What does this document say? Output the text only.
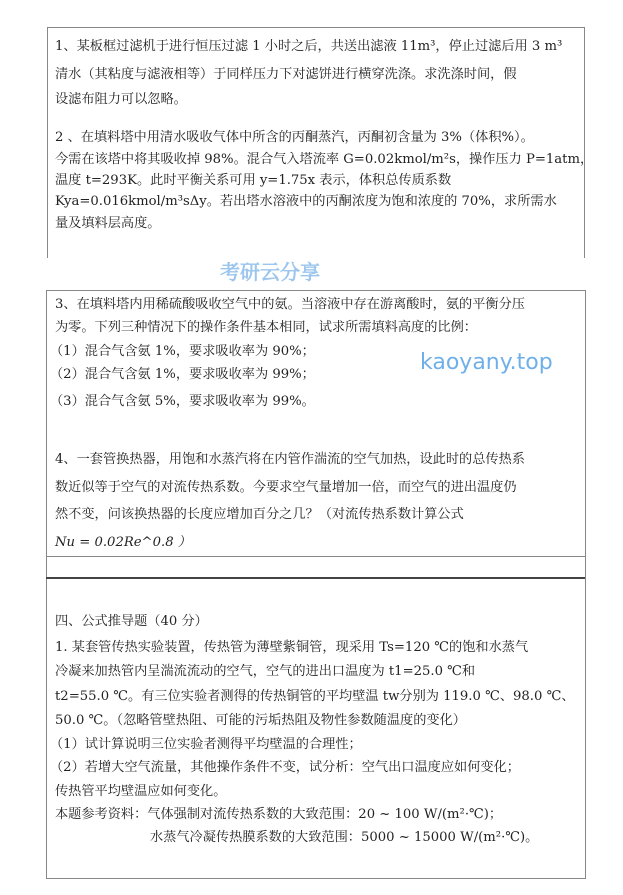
1、某板框过滤机于进行恒压过滤 1 小时之后，共送出滤液 11m³，停止过滤后用 3 m³
清水（其粘度与滤液相等）于同样压力下对滤饼进行横穿洗涤。求洗涤时间，假
设滤布阻力可以忽略。
2 、在填料塔中用清水吸收气体中所含的丙酮蒸汽，丙酮初含量为 3%（体积%）。
今需在该塔中将其吸收掉 98%。混合气入塔流率 G=0.02kmol/m²s，操作压力 P=1atm，
温度 t=293K。此时平衡关系可用 y=1.75x 表示，体积总传质系数
Kya=0.016kmol/m³sΔy。若出塔水溶液中的丙酮浓度为饱和浓度的 70%，求所需水
量及填料层高度。
3、在填料塔内用稀硫酸吸收空气中的氨。当溶液中存在游离酸时，氨的平衡分压
为零。下列三种情况下的操作条件基本相同，试求所需填料高度的比例：
（1）混合气含氨 1%，要求吸收率为 90%；
（2）混合气含氨 1%，要求吸收率为 99%；
（3）混合气含氨 5%，要求吸收率为 99%。
4、一套管换热器，用饱和水蒸汽将在内管作湍流的空气加热，设此时的总传热系
数近似等于空气的对流传热系数。今要求空气量增加一倍，而空气的进出温度仍
然不变，问该换热器的长度应增加百分之几？（对流传热系数计算公式
Nu = 0.02Re^0.8 ）
四、公式推导题（40 分）
1. 某套管传热实验装置，传热管为薄壁紫铜管，现采用 Ts=120 ℃的饱和水蒸气
冷凝来加热管内呈湍流流动的空气，空气的进出口温度为 t1=25.0 ℃和
t2=55.0 ℃。有三位实验者测得的传热铜管的平均壁温 tw分别为 119.0 ℃、98.0 ℃、
50.0 ℃。（忽略管壁热阻、可能的污垢热阻及物性参数随温度的变化）
（1）试计算说明三位实验者测得平均壁温的合理性；
（2）若增大空气流量，其他操作条件不变，试分析：空气出口温度应如何变化；
传热管平均壁温应如何变化。
本题参考资料：气体强制对流传热系数的大致范围：20 ~ 100 W/(m²·℃)；
水蒸气冷凝传热膜系数的大致范围：5000 ~ 15000 W/(m²·℃)。
考研云分享
kaoyany.top
